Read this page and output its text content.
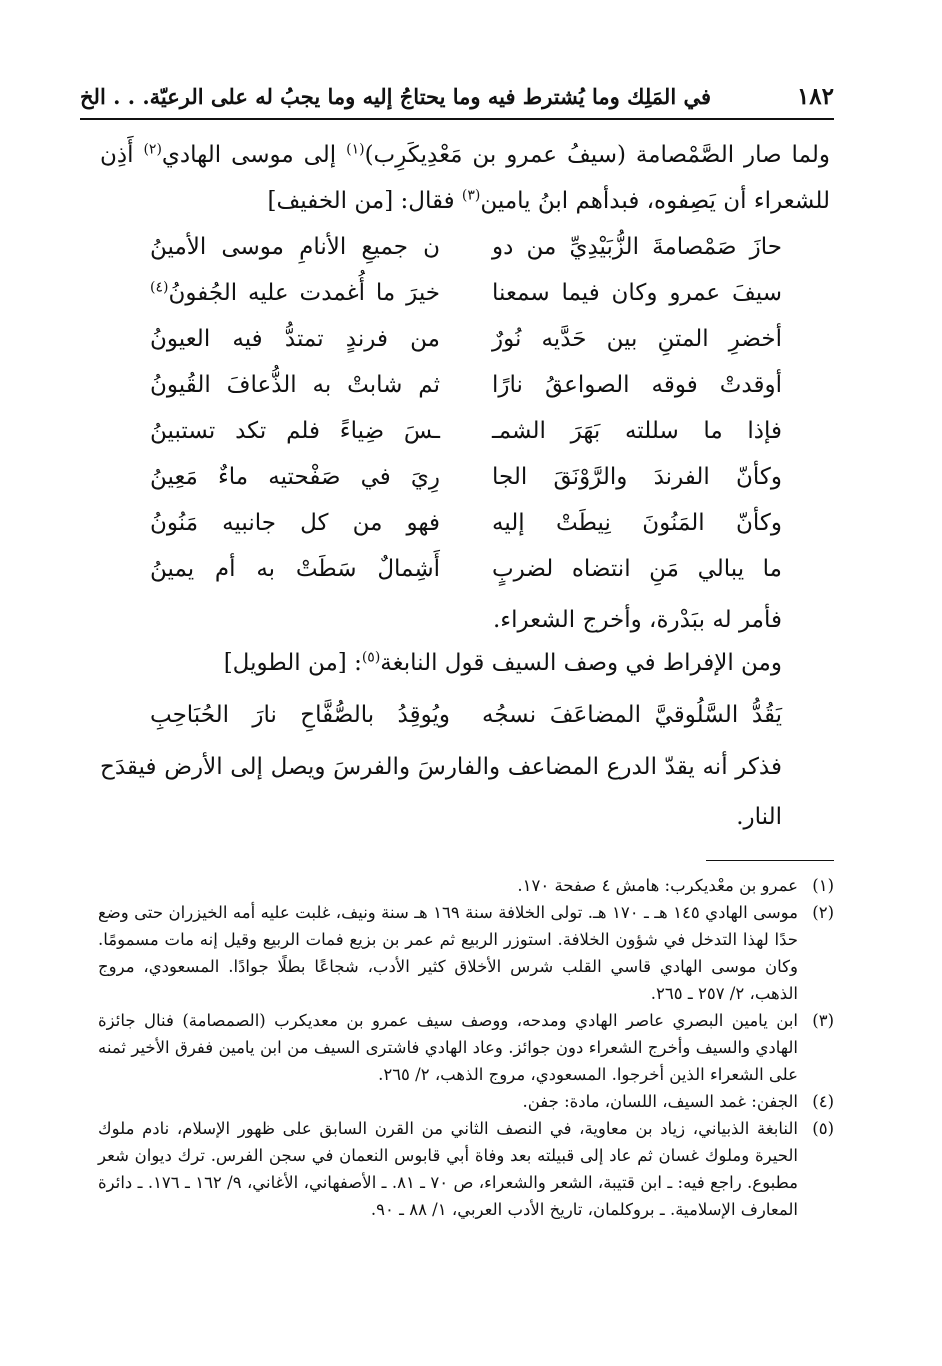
١٨٢
في المَلِك وما يُشترط فيه وما يحتاجُ إليه وما يجبُ له على الرعيّة. . . الخ
ولما صار الصَّمْصامة (سيفُ عمرو بن مَعْدِيكَرِب)$^{(١)}$ إلى موسى الهادي$^{(٢)}$ أَذِن للشعراء أن يَصِفوه، فبدأهم ابنُ يامين$^{(٣)}$ فقال: [من الخفيف]
حازَ صَمْصامةَ الزُّبَيْدِيِّ من دو
ن جميعِ الأنامِ موسى الأمينُ
سيفَ عمرو وكان فيما سمعنا
خيرَ ما أُغمدت عليه الجُفونُ$^{(٤)}$
أخضرِ المتنِ بين حَدَّيه نُورٌ
من فرندٍ تمتدُّ فيه العيونُ
أوقدتْ فوقه الصواعقُ نارًا
ثم شابتْ به الذُّعافَ القُيونُ
فإذا ما سللته بَهَرَ الشمـ
ـسَ ضِياءً فلم تكد تستبينُ
وكأنّ الفرندَ والرَّوْنَقَ الجا
رِيَ في صَفْحتيه ماءٌ مَعِينُ
وكأنّ المَنُونَ نِيطَتْ إليه
فهو من كل جانبيه مَنُونُ
ما يبالي مَنِ انتضاه لضربٍ
أَشِمالٌ سَطَتْ به أم يمينُ
فأمر له ببَدْرة، وأخرج الشعراء.
ومن الإفراط في وصف السيف قول النابغة$^{(٥)}$: [من الطويل]
يَقُدُّ السَّلُوقيَّ المضاعَفَ نسجُه
ويُوقِدُ بالصُّفَّاحِ نارَ الحُبَاحِبِ
فذكر أنه يقدّ الدرع المضاعف والفارسَ والفرسَ ويصل إلى الأرض فيقدَح النار.
(١)
عمرو بن معْديكرب: هامش ٤ صفحة ١٧٠.
(٢)
موسى الهادي ١٤٥ هـ ـ ١٧٠ هـ. تولى الخلافة سنة ١٦٩ هـ سنة ونيف، غلبت عليه أمه الخيزران حتى وضع حدًا لهذا التدخل في شؤون الخلافة. استوزر الربيع ثم عمر بن بزيع فمات الربيع وقيل إنه مات مسمومًا. وكان موسى الهادي قاسي القلب شرس الأخلاق كثير الأدب، شجاعًا بطلًا جوادًا. المسعودي، مروج الذهب، ٢/ ٢٥٧ ـ ٢٦٥.
(٣)
ابن يامين البصري عاصر الهادي ومدحه، ووصف سيف عمرو بن معديكرب (الصمصامة) فنال جائزة الهادي والسيف وأخرج الشعراء دون جوائز. وعاد الهادي فاشترى السيف من ابن يامين ففرق الأخير ثمنه على الشعراء الذين أخرجوا. المسعودي، مروج الذهب، ٢/ ٢٦٥.
(٤)
الجفن: غمد السيف، اللسان، مادة: جفن.
(٥)
النابغة الذبياني، زياد بن معاوية، في النصف الثاني من القرن السابق على ظهور الإسلام، نادم ملوك الحيرة وملوك غسان ثم عاد إلى قبيلته بعد وفاة أبي قابوس النعمان في سجن الفرس. ترك ديوان شعر مطبوع. راجع فيه: ـ ابن قتيبة، الشعر والشعراء، ص ٧٠ ـ ٨١. ـ الأصفهاني، الأغاني، ٩/ ١٦٢ ـ ١٧٦. ـ دائرة المعارف الإسلامية. ـ بروكلمان، تاريخ الأدب العربي، ١/ ٨٨ ـ ٩٠.
